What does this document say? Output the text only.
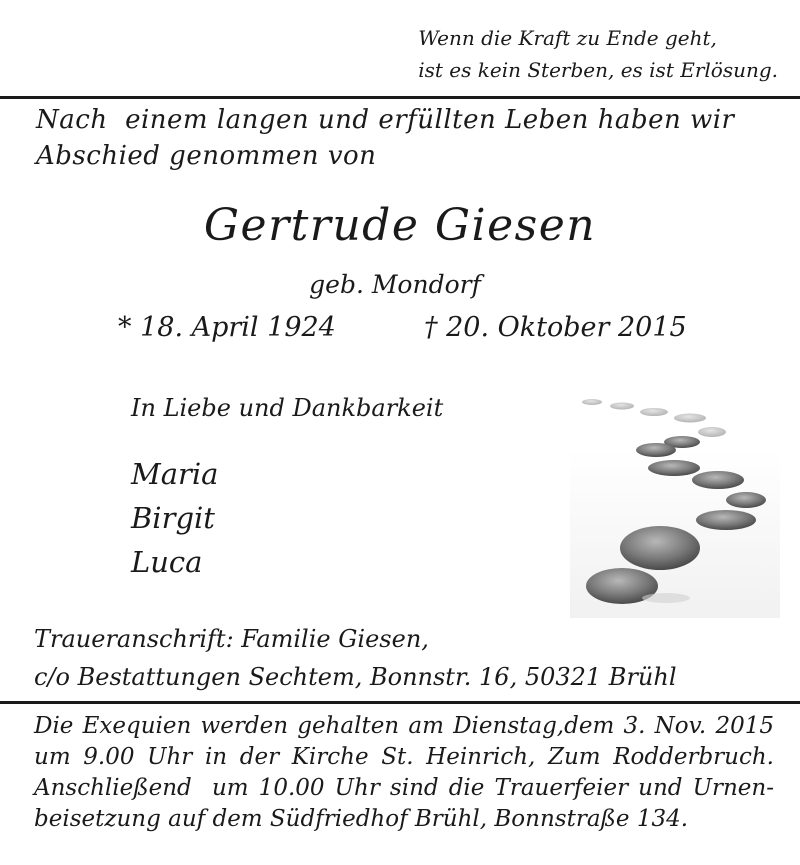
Wenn die Kraft zu Ende geht,
ist es kein Sterben, es ist Erlösung.
Nach  einem langen und erfüllten Leben haben wir
Abschied genommen von
Gertrude Giesen
geb. Mondorf
* 18. April 1924	† 20. Oktober 2015
In Liebe und Dankbarkeit
Maria
Birgit
Luca
Traueranschrift: Familie Giesen,
c/o Bestattungen Sechtem, Bonnstr. 16, 50321 Brühl
Die Exequien werden gehalten am Dienstag,dem 3. Nov. 2015
um 9.00 Uhr in der Kirche St. Heinrich, Zum Rodderbruch.
Anschließend  um 10.00 Uhr sind die Trauerfeier und Urnen-
beisetzung auf dem Südfriedhof Brühl, Bonnstraße 134.
